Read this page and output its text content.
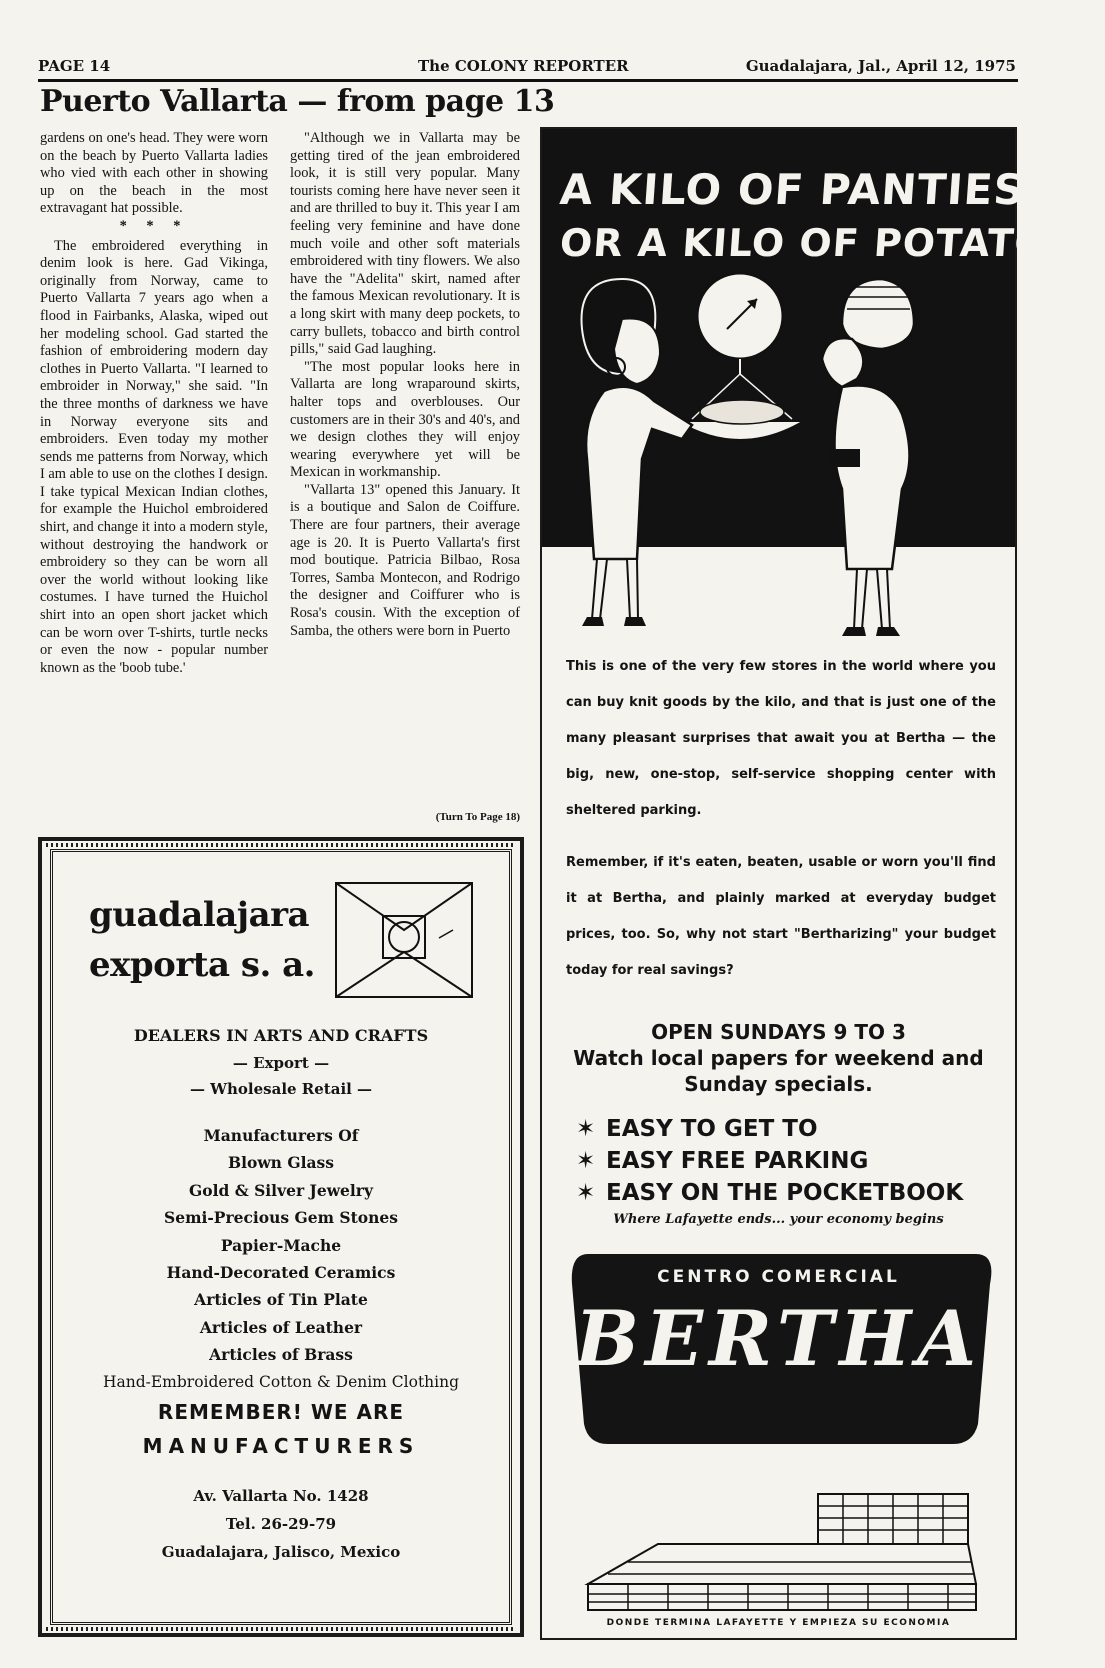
PAGE 14	The COLONY REPORTER	Guadalajara, Jal., April 12, 1975
Puerto Vallarta — from page 13

gardens on one's head. They were worn on the beach by Puerto Vallarta ladies who vied with each other in showing up on the beach in the most extravagant hat possible.

* * *

The embroidered everything in denim look is here. Gad Vikinga, originally from Norway, came to Puerto Vallarta 7 years ago when a flood in Fairbanks, Alaska, wiped out her modeling school. Gad started the fashion of embroidering modern day clothes in Puerto Vallarta. "I learned to embroider in Norway," she said. "In the three months of darkness we have in Norway everyone sits and embroiders. Even today my mother sends me patterns from Norway, which I am able to use on the clothes I design. I take typical Mexican Indian clothes, for example the Huichol embroidered shirt, and change it into a modern style, without destroying the handwork or embroidery so they can be worn all over the world without looking like costumes. I have turned the Huichol shirt into an open short jacket which can be worn over T-shirts, turtle necks or even the now - popular number known as the 'boob tube.'

"Although we in Vallarta may be getting tired of the jean embroidered look, it is still very popular. Many tourists coming here have never seen it and are thrilled to buy it. This year I am feeling very feminine and have done much voile and other soft materials embroidered with tiny flowers. We also have the "Adelita" skirt, named after the famous Mexican revolutionary. It is a long skirt with many deep pockets, to carry bullets, tobacco and birth control pills," said Gad laughing.

"The most popular looks here in Vallarta are long wraparound skirts, halter tops and overblouses. Our customers are in their 30's and 40's, and we design clothes they will enjoy wearing everywhere yet will be Mexican in workmanship.

"Vallarta 13" opened this January. It is a boutique and Salon de Coiffure. There are four partners, their average age is 20. It is Puerto Vallarta's first mod boutique. Patricia Bilbao, Rosa Torres, Samba Montecon, and Rodrigo the designer and Coiffurer who is Rosa's cousin. With the exception of Samba, the others were born in Puerto

(Turn To Page 18)
guadalajara
exporta s. a.
DEALERS IN ARTS AND CRAFTS
— Export —
— Wholesale Retail —
Manufacturers Of
Blown Glass
Gold & Silver Jewelry
Semi-Precious Gem Stones
Papier-Mache
Hand-Decorated Ceramics
Articles of Tin Plate
Articles of Leather
Articles of Brass
Hand-Embroidered Cotton & Denim Clothing
REMEMBER! WE ARE
MANUFACTURERS
Av. Vallarta No. 1428
Tel. 26-29-79
Guadalajara, Jalisco, Mexico
A KILO OF PANTIES
OR A KILO OF POTATOES
This is one of the very few stores in the world where you can buy knit goods by the kilo, and that is just one of the many pleasant surprises that await you at Bertha — the big, new, one-stop, self-service shopping center with sheltered parking.
Remember, if it's eaten, beaten, usable or worn you'll find it at Bertha, and plainly marked at everyday budget prices, too. So, why not start "Bertharizing" your budget today for real savings?
OPEN SUNDAYS 9 TO 3
Watch local papers for weekend and
Sunday specials.
✶ EASY TO GET TO
✶ EASY FREE PARKING
✶ EASY ON THE POCKETBOOK
Where Lafayette ends... your economy begins
CENTRO COMERCIAL
BERTHA
DONDE TERMINA LAFAYETTE Y EMPIEZA SU ECONOMIA
